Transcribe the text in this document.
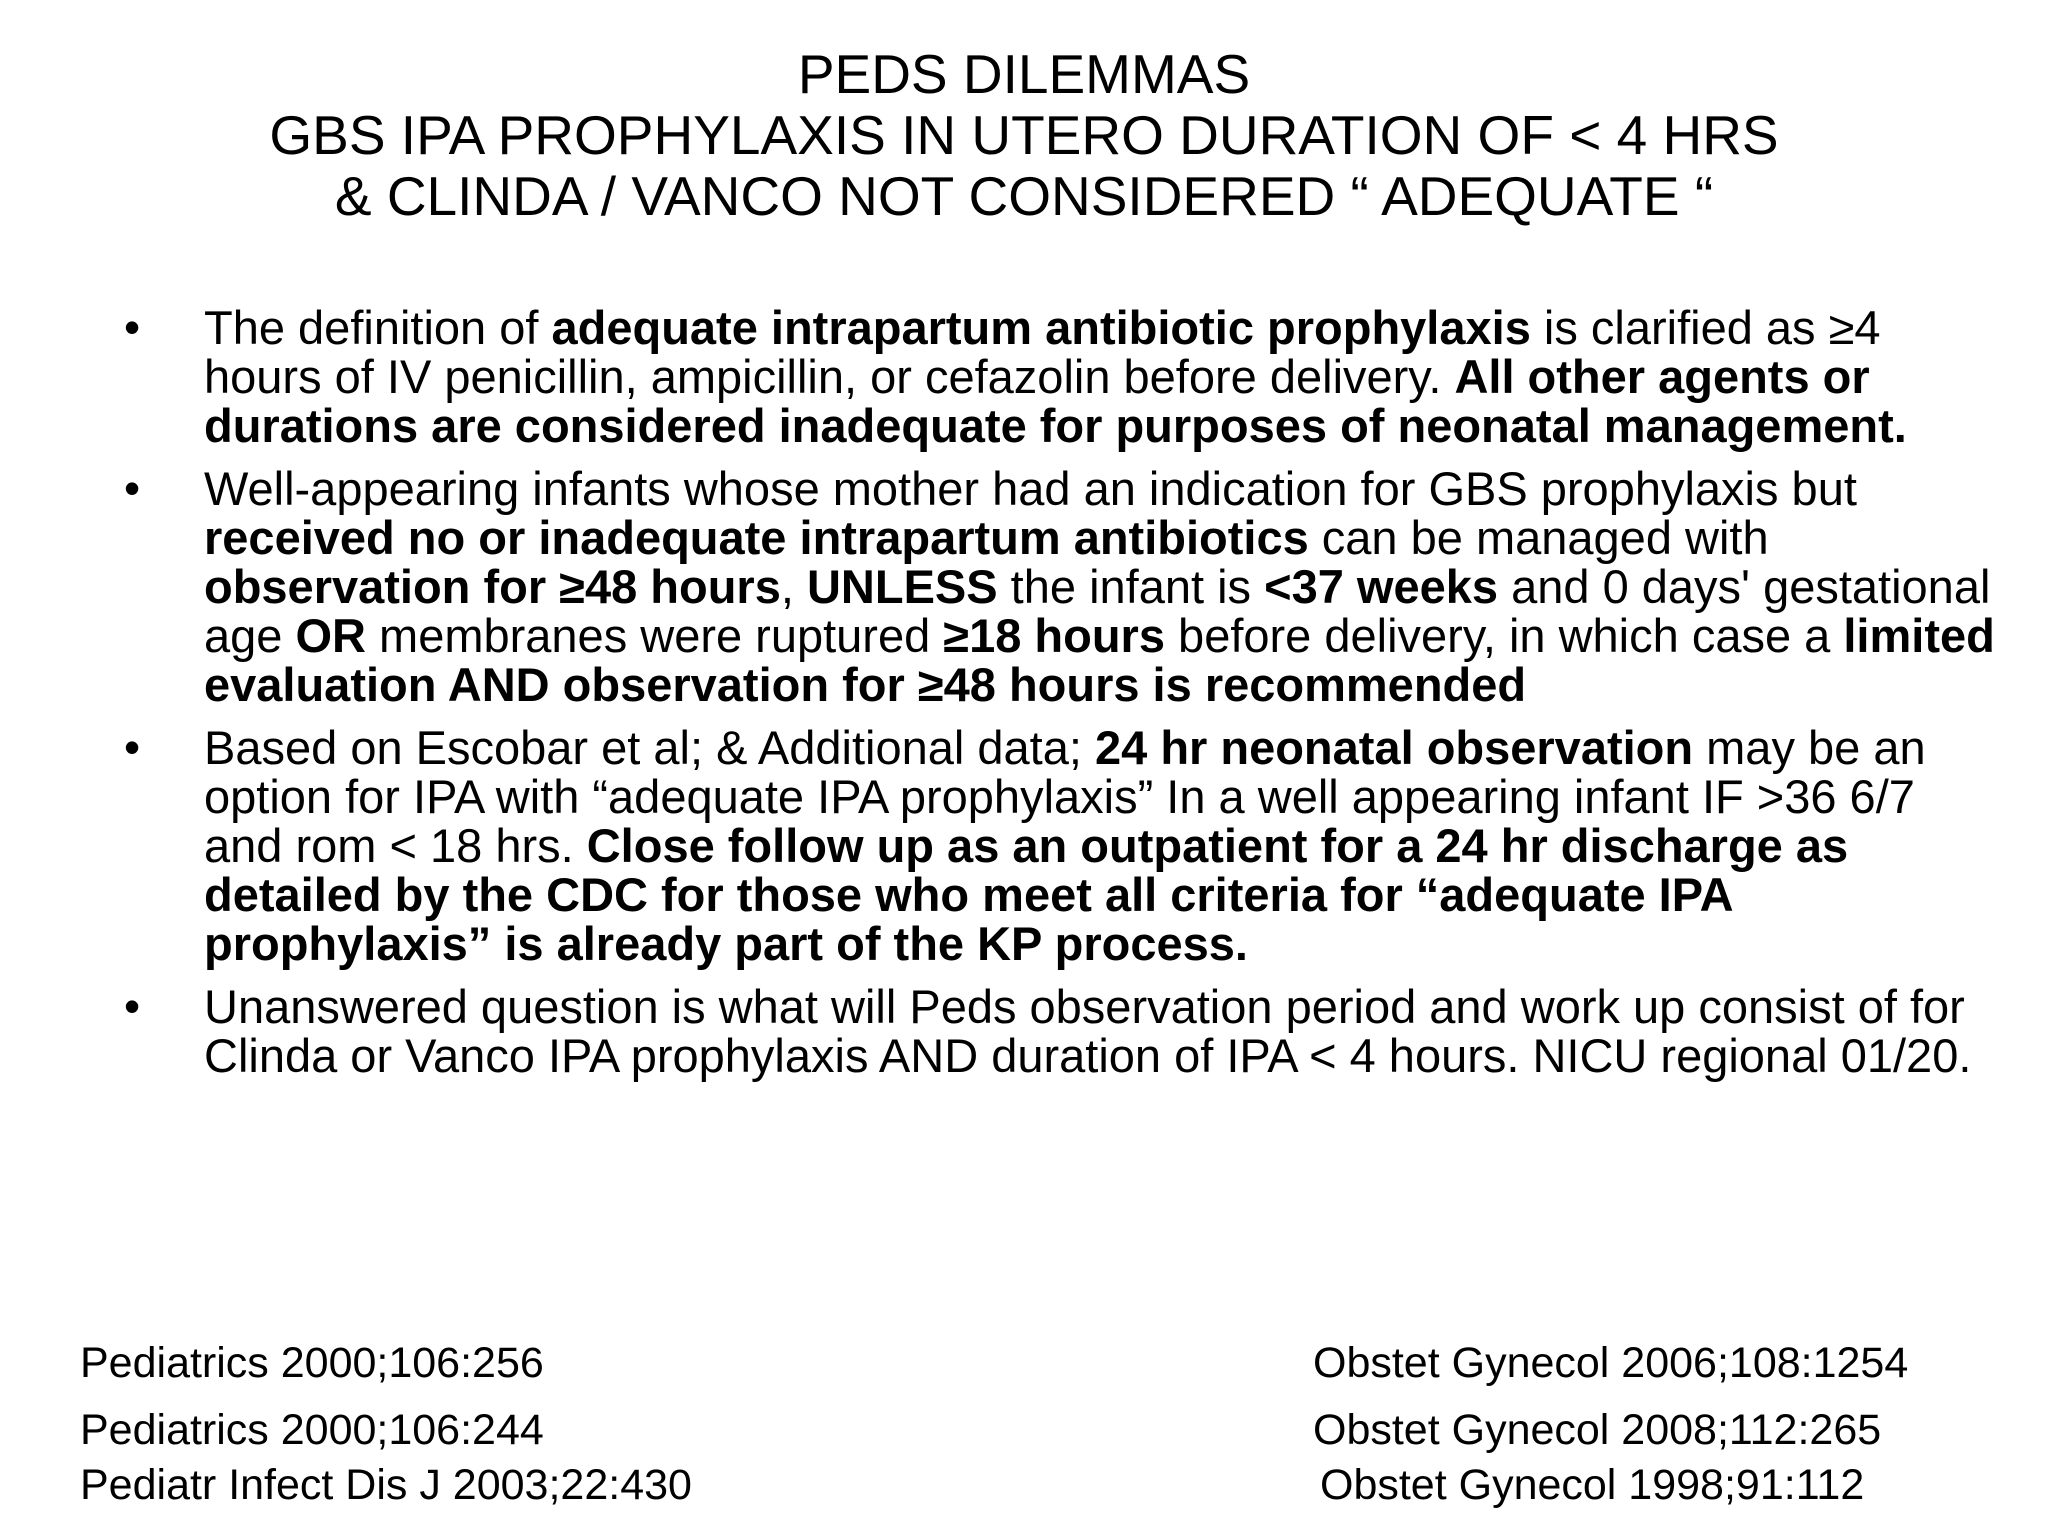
PEDS DILEMMAS
GBS IPA PROPHYLAXIS IN UTERO DURATION OF < 4 HRS
& CLINDA / VANCO NOT CONSIDERED “ ADEQUATE “
• The definition of adequate intrapartum antibiotic prophylaxis is clarified as ≥4 hours of IV penicillin, ampicillin, or cefazolin before delivery. All other agents or durations are considered inadequate for purposes of neonatal management.
• Well-appearing infants whose mother had an indication for GBS prophylaxis but received no or inadequate intrapartum antibiotics can be managed with observation for ≥48 hours, UNLESS the infant is <37 weeks and 0 days' gestational age OR membranes were ruptured ≥18 hours before delivery, in which case a limited evaluation AND observation for ≥48 hours is recommended
• Based on Escobar et al; & Additional data; 24 hr neonatal observation may be an option for IPA with “adequate IPA prophylaxis” In a well appearing infant IF >36 6/7 and rom < 18 hrs. Close follow up as an outpatient for a 24 hr discharge as detailed by the CDC for those who meet all criteria for “adequate IPA prophylaxis” is already part of the KP process.
• Unanswered question is what will Peds observation period and work up consist of for Clinda or Vanco IPA prophylaxis AND duration of IPA < 4 hours. NICU regional 01/20.
Pediatrics 2000;106:256
Pediatrics 2000;106:244
Pediatr Infect Dis J 2003;22:430
Obstet Gynecol 2006;108:1254
Obstet Gynecol 2008;112:265
Obstet Gynecol 1998;91:112
